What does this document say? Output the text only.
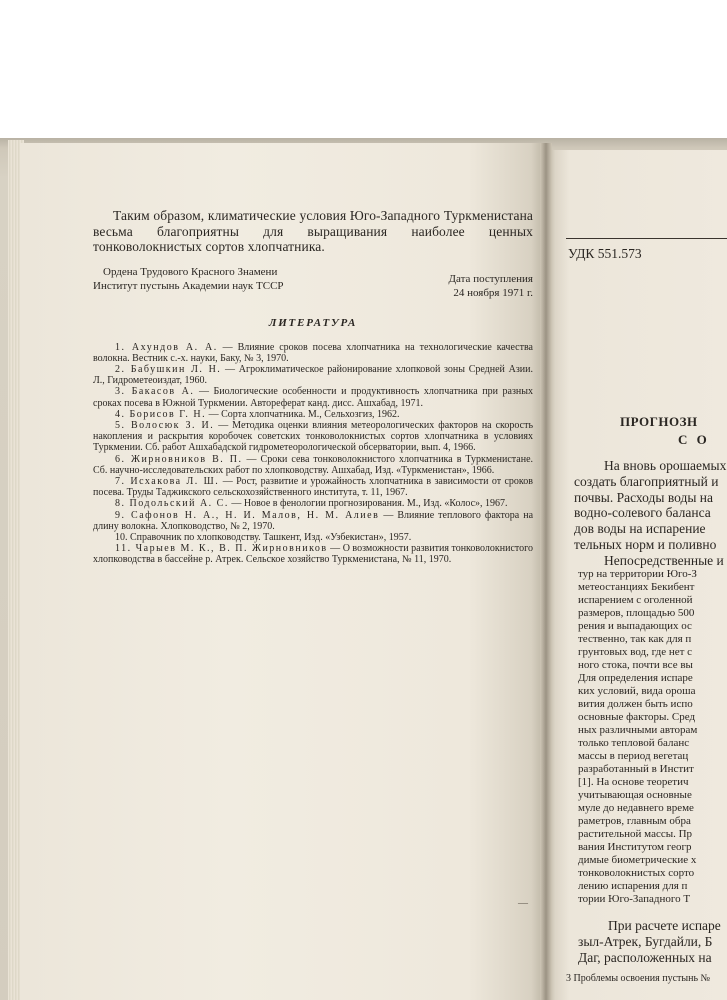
Таким образом, климатические условия Юго-Западного Туркменистана весьма благоприятны для выращивания наиболее ценных тонковолокнистых сортов хлопчатника.

Ордена Трудового Красного Знамени
Институт пустынь Академии наук ТССР
Дата поступления
24 ноября 1971 г.
ЛИТЕРАТУРА
1. Ахундов А. А. — Влияние сроков посева хлопчатника на технологические качества волокна. Вестник с.-х. науки, Баку, № 3, 1970.
2. Бабушкин Л. Н. — Агроклиматическое районирование хлопковой зоны Средней Азии. Л., Гидрометеоиздат, 1960.
3. Бакасов А. — Биологические особенности и продуктивность хлопчатника при разных сроках посева в Южной Туркмении. Автореферат канд. дисс. Ашхабад, 1971.
4. Борисов Г. Н. — Сорта хлопчатника. М., Сельхозгиз, 1962.
5. Волосюк З. И. — Методика оценки влияния метеорологических факторов на скорость накопления и раскрытия коробочек советских тонковолокнистых сортов хлопчатника в условиях Туркмении. Сб. работ Ашхабадской гидрометеорологической обсерватории, вып. 4, 1966.
6. Жирновников В. П. — Сроки сева тонковолокнистого хлопчатника в Туркменистане. Сб. научно-исследовательских работ по хлопководству. Ашхабад, Изд. «Туркменистан», 1966.
7. Исхакова Л. Ш. — Рост, развитие и урожайность хлопчатника в зависимости от сроков посева. Труды Таджикского сельскохозяйственного института, т. 11, 1967.
8. Подольский А. С. — Новое в фенологии прогнозирования. М., Изд. «Колос», 1967.
9. Сафонов Н. А., Н. И. Малов, Н. М. Алиев — Влияние теплового фактора на длину волокна. Хлопководство, № 2, 1970.
10. Справочник по хлопководству. Ташкент, Изд. «Узбекистан», 1957.
11. Чарыев М. К., В. П. Жирновников — О возможности развития тонковолокнистого хлопководства в бассейне р. Атрек. Сельское хозяйство Туркменистана, № 11, 1970.
—
УДК 551.573
ПРОГНОЗН
С О
На вновь орошаемых
создать благоприятный и
почвы. Расходы воды на
водно-солевого баланса
дов воды на испарение
тельных норм и поливно
Непосредственные и
тур на территории Юго-З
метеостанциях Бекибент
испарением с оголенной
размеров, площадью 500
рения и выпадающих ос
тественно, так как для п
грунтовых вод, где нет с
ного стока, почти все вы
Для определения испаре
ких условий, вида ороша
вития должен быть испо
основные факторы. Сред
ных различными авторам
только тепловой баланс
массы в период вегетац
разработанный в Инстит
[1]. На основе теоретич
учитывающая основные
муле до недавнего време
раметров, главным обра
растительной массы. Пр
вания Институтом геогр
димые биометрические х
тонковолокнистых сорто
лению испарения для п
тории Юго-Западного Т
При расчете испаре
зыл-Атрек, Бугдайли, Б
Даг, расположенных на
3 Проблемы освоения пустынь №
